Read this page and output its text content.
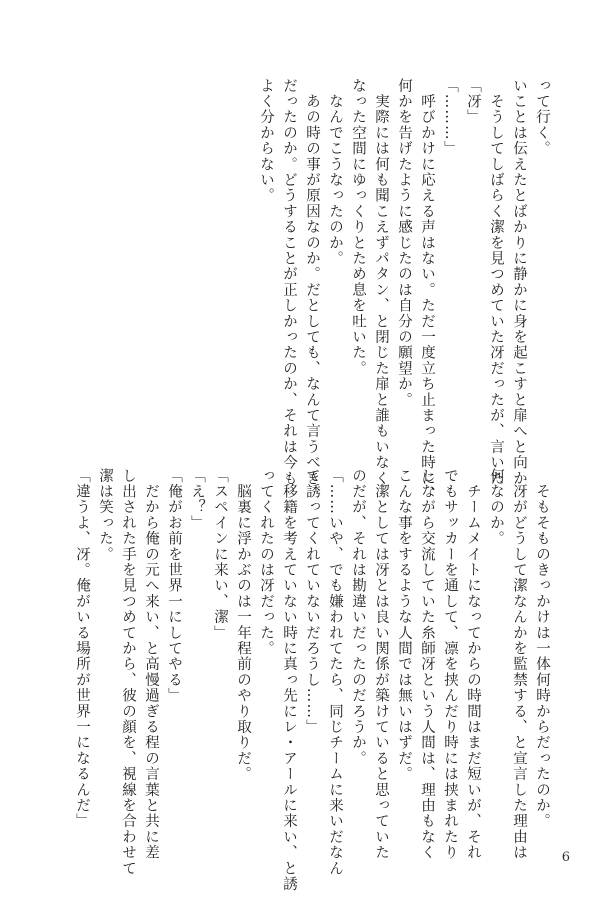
って行く。
いことは伝えたとばかりに静かに身を起こすと扉へと向か
　そうしてしばらく潔を見つめていた冴だったが、言いた
「冴」
「………」
　呼びかけに応える声はない。ただ一度立ち止まった時に、
何かを告げたように感じたのは自分の願望か。
　実際には何も聞こえずパタン、と閉じた扉と誰もいなく
なった空間にゆっくりとため息を吐いた。
　なんでこうなったのか。
　あの時の事が原因なのか。だとしても、なんて言うべき
だったのか。どうすることが正しかったのか、それは今も
よく分からない。
　そもそものきっかけは一体何時からだったのか。
　冴がどうして潔なんかを監禁する、と宣言した理由は
何なのか。
　チームメイトになってからの時間はまだ短いが、それ
でもサッカーを通して、凛を挟んだり時には挟まれたり
しながら交流していた糸師冴という人間は、理由もなく
こんな事をするような人間では無いはずだ。
　潔としては冴とは良い関係が築けていると思っていた
のだが、それは勘違いだったのだろうか。
「……いや、でも嫌われてたら、同じチームに来いだなん
て誘ってくれていないだろうし……」
　移籍を考えていない時に真っ先にレ・アールに来い、と誘
ってくれたのは冴だった。
　脳裏に浮かぶのは一年程前のやり取りだ。
「スペインに来い、潔」
「え？」
「俺がお前を世界一にしてやる」
　だから俺の元へ来い、と高慢過ぎる程の言葉と共に差
し出された手を見つめてから、彼の顔を、視線を合わせて
潔は笑った。
「違うよ、冴。俺がいる場所が世界一になるんだ」
6
